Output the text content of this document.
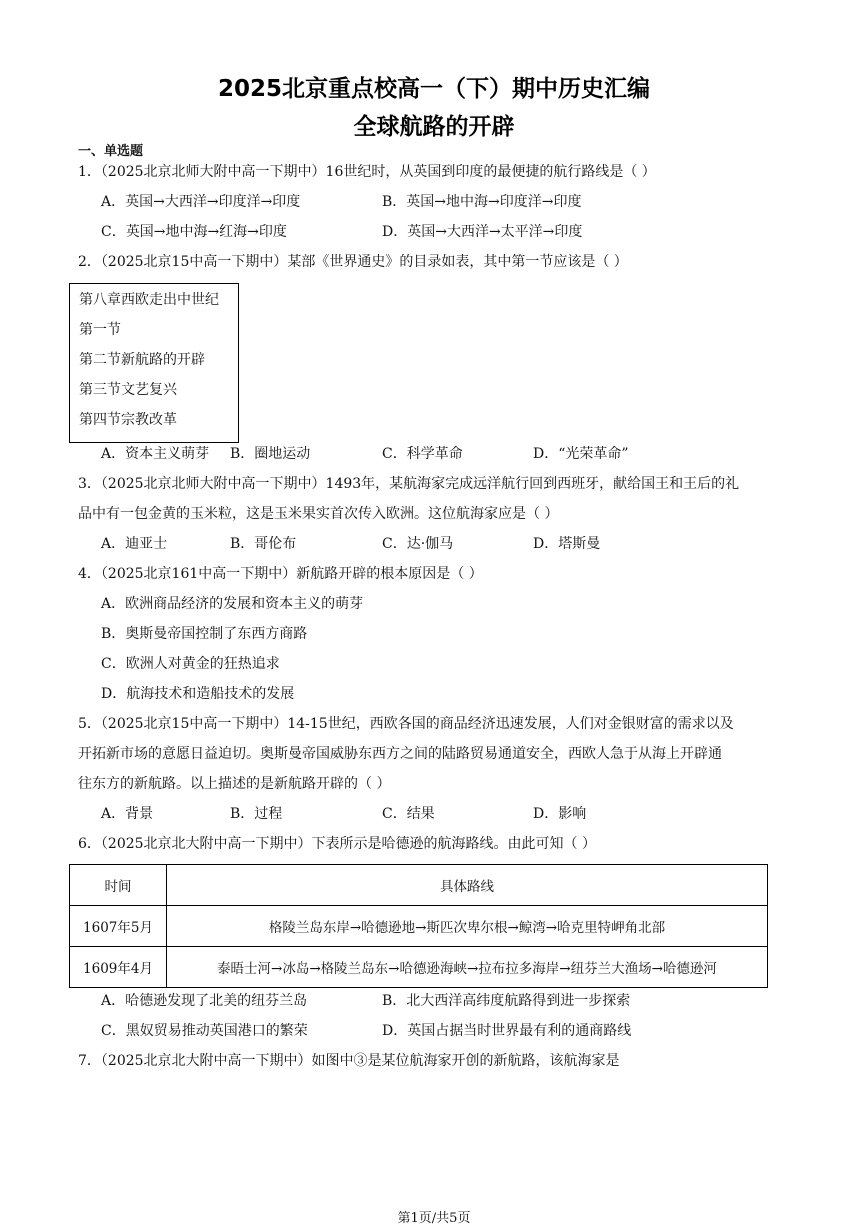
2025北京重点校高一（下）期中历史汇编
全球航路的开辟
一、单选题
1．（2025北京北师大附中高一下期中）16世纪时，从英国到印度的最便捷的航行路线是（ ）
A．英国→大西洋→印度洋→印度	B．英国→地中海→印度洋→印度
C．英国→地中海→红海→印度	D．英国→大西洋→太平洋→印度
2．（2025北京15中高一下期中）某部《世界通史》的目录如表，其中第一节应该是（ ）
第八章西欧走出中世纪
第一节
第二节新航路的开辟
第三节文艺复兴
第四节宗教改革
A．资本主义萌芽 B．圈地运动	C．科学革命	D．“光荣革命”
3．（2025北京北师大附中高一下期中）1493年，某航海家完成远洋航行回到西班牙，献给国王和王后的礼
品中有一包金黄的玉米粒，这是玉米果实首次传入欧洲。这位航海家应是（ ）
A．迪亚士	B．哥伦布	C．达·伽马	D．塔斯曼
4．（2025北京161中高一下期中）新航路开辟的根本原因是（ ）
A．欧洲商品经济的发展和资本主义的萌芽
B．奥斯曼帝国控制了东西方商路
C．欧洲人对黄金的狂热追求
D．航海技术和造船技术的发展
5．（2025北京15中高一下期中）14-15世纪，西欧各国的商品经济迅速发展，人们对金银财富的需求以及
开拓新市场的意愿日益迫切。奥斯曼帝国威胁东西方之间的陆路贸易通道安全，西欧人急于从海上开辟通
往东方的新航路。以上描述的是新航路开辟的（ ）
A．背景	B．过程	C．结果	D．影响
6．（2025北京北大附中高一下期中）下表所示是哈德逊的航海路线。由此可知（ ）
时间	具体路线
1607年5月	格陵兰岛东岸→哈德逊地→斯匹次卑尔根→鲸湾→哈克里特岬角北部
1609年4月	泰晤士河→冰岛→格陵兰岛东→哈德逊海峡→拉布拉多海岸→纽芬兰大渔场→哈德逊河
A．哈德逊发现了北美的纽芬兰岛	B．北大西洋高纬度航路得到进一步探索
C．黑奴贸易推动英国港口的繁荣	D．英国占据当时世界最有利的通商路线
7．（2025北京北大附中高一下期中）如图中③是某位航海家开创的新航路，该航海家是
第1页/共5页
